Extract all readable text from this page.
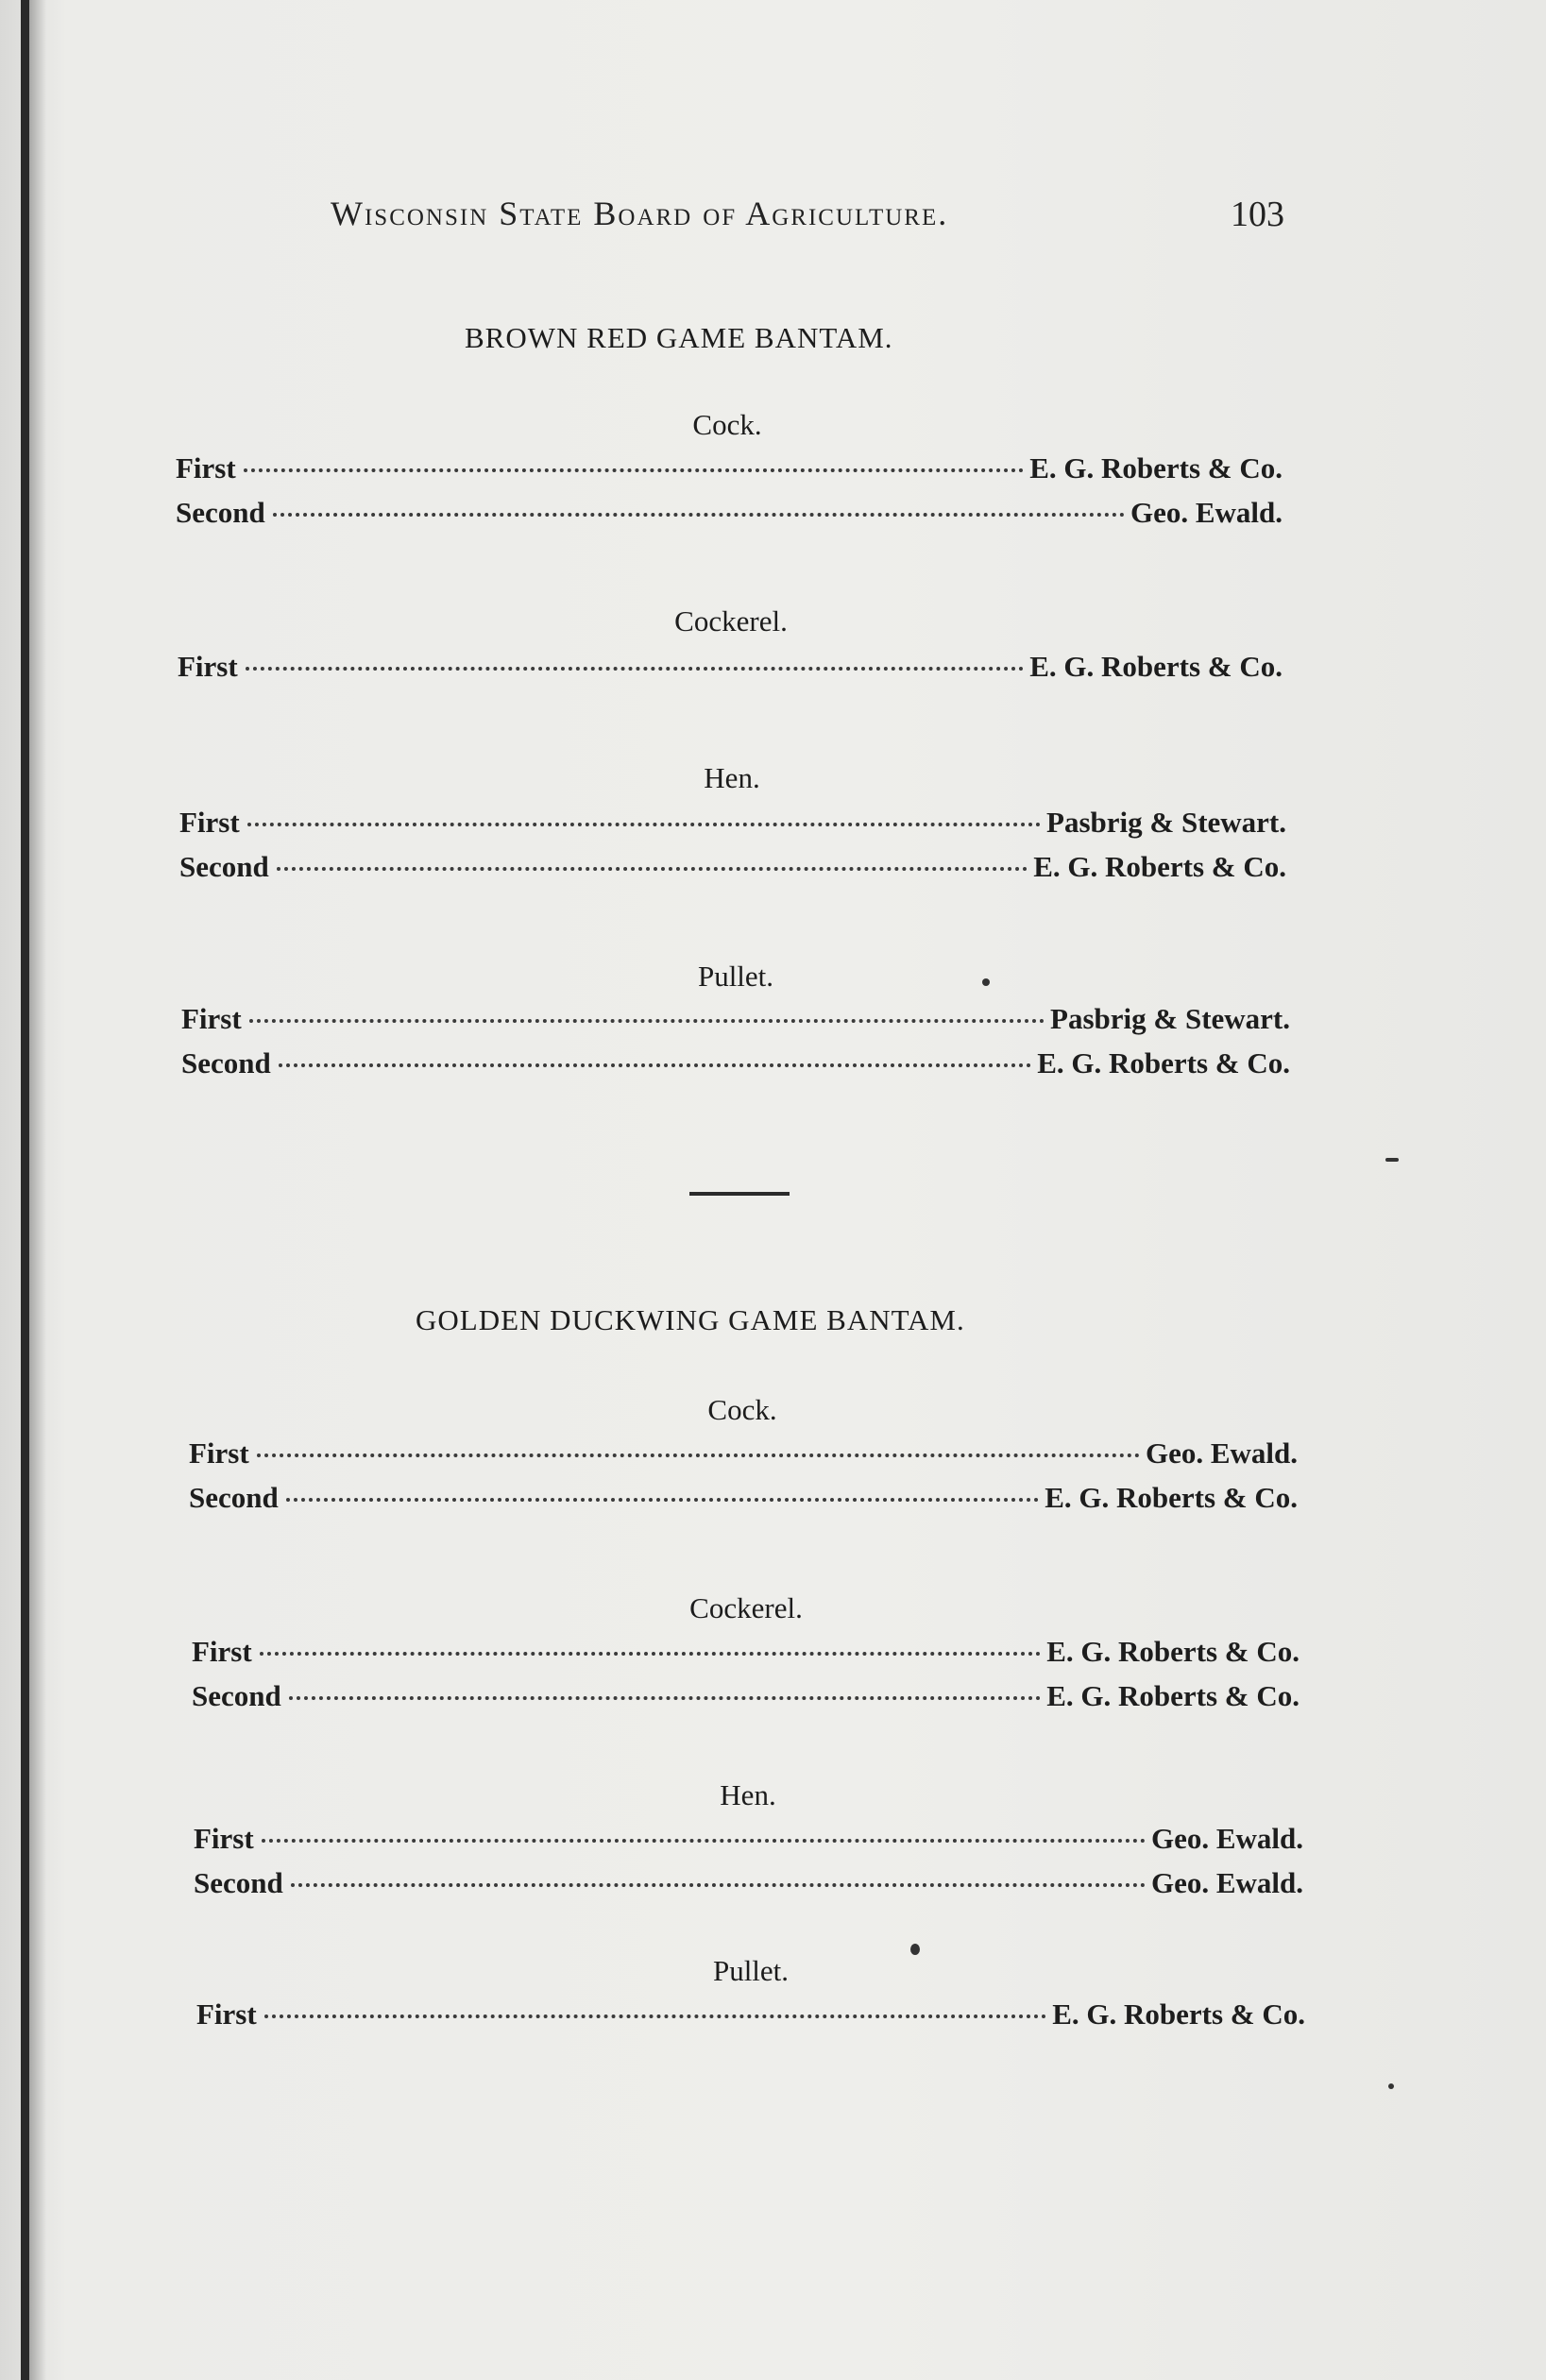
Wisconsin State Board of Agriculture.	103
BROWN RED GAME BANTAM.
Cock.
First	E. G. Roberts & Co.
Second	Geo. Ewald.
Cockerel.
First	E. G. Roberts & Co.
Hen.
First	Pasbrig & Stewart.
Second	E. G. Roberts & Co.
Pullet.
First	Pasbrig & Stewart.
Second	E. G. Roberts & Co.
GOLDEN DUCKWING GAME BANTAM.
Cock.
First	Geo. Ewald.
Second	E. G. Roberts & Co.
Cockerel.
First	E. G. Roberts & Co.
Second	E. G. Roberts & Co.
Hen.
First	Geo. Ewald.
Second	Geo. Ewald.
Pullet.
First	E. G. Roberts & Co.
